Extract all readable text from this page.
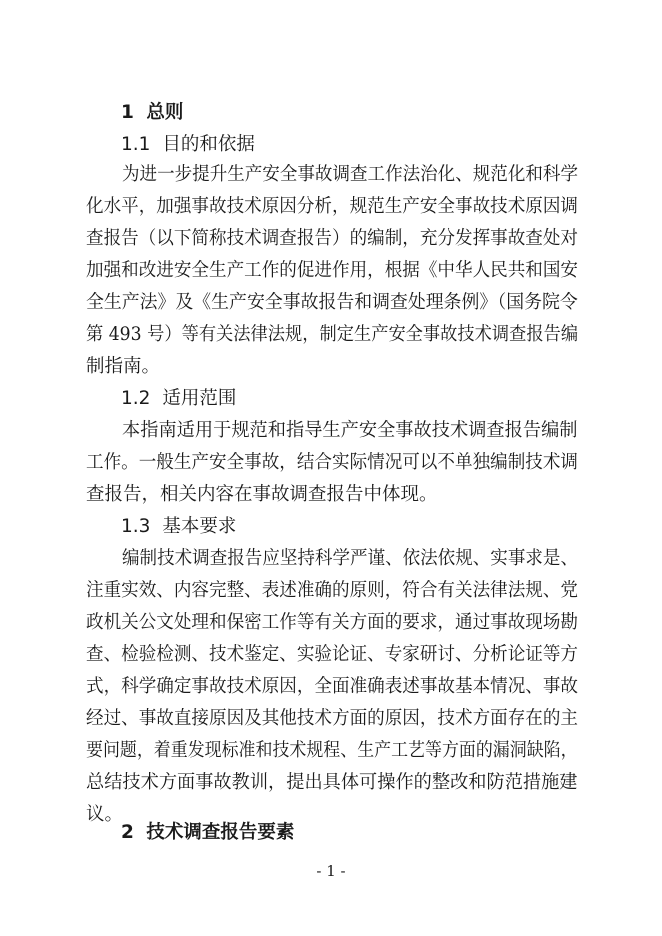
1 总则
1.1 目的和依据
为进一步提升生产安全事故调查工作法治化、规范化和科学
化水平，加强事故技术原因分析，规范生产安全事故技术原因调
查报告（以下简称技术调查报告）的编制，充分发挥事故查处对
加强和改进安全生产工作的促进作用，根据《中华人民共和国安
全生产法》及《生产安全事故报告和调查处理条例》（国务院令
第 493 号）等有关法律法规，制定生产安全事故技术调查报告编
制指南。
1.2 适用范围
本指南适用于规范和指导生产安全事故技术调查报告编制
工作。一般生产安全事故，结合实际情况可以不单独编制技术调
查报告，相关内容在事故调查报告中体现。
1.3 基本要求
编制技术调查报告应坚持科学严谨、依法依规、实事求是、
注重实效、内容完整、表述准确的原则，符合有关法律法规、党
政机关公文处理和保密工作等有关方面的要求，通过事故现场勘
查、检验检测、技术鉴定、实验论证、专家研讨、分析论证等方
式，科学确定事故技术原因，全面准确表述事故基本情况、事故
经过、事故直接原因及其他技术方面的原因，技术方面存在的主
要问题，着重发现标准和技术规程、生产工艺等方面的漏洞缺陷，
总结技术方面事故教训，提出具体可操作的整改和防范措施建
议。
2 技术调查报告要素
- 1 -
